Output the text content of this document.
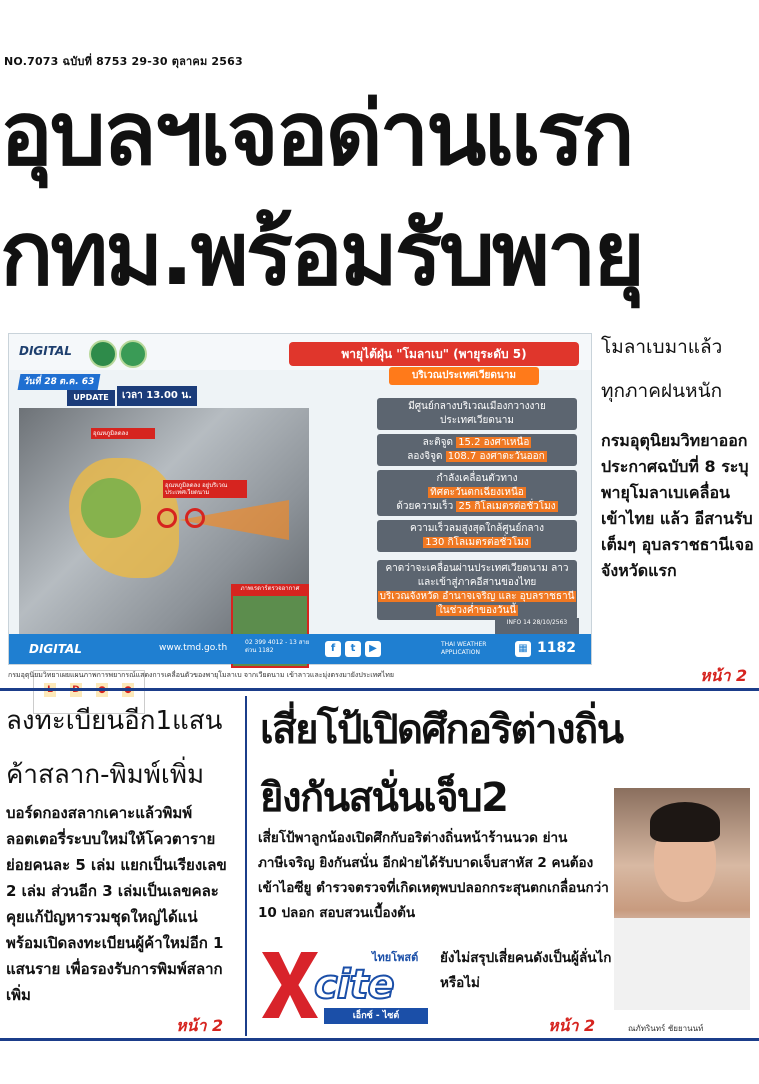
NO.7073 ฉบับที่ 8753 29-30 ตุลาคม 2563
อุบลฯเจอด่านแรก
กทม.พร้อมรับพายุ
DIGITAL	พายุไต้ฝุ่น "โมลาเบ" (พายุระดับ 5)
บริเวณประเทศเวียดนาม
วันที่ 28 ต.ค. 63
UPDATE	เวลา 13.00 น.
อุณหภูมิลดลง
อุณหภูมิลดลง อยู่บริเวณ ประเทศเวียดนาม
ภาพเรดาร์ตรวจอากาศ
มีศูนย์กลางบริเวณเมืองกวางงาย
ประเทศเวียดนาม
ละติจูด 15.2 องศาเหนือ
ลองจิจูด 108.7 องศาตะวันออก
กำลังเคลื่อนตัวทาง
ทิศตะวันตกเฉียงเหนือ
ด้วยความเร็ว 25 กิโลเมตรต่อชั่วโมง
ความเร็วลมสูงสุดใกล้ศูนย์กลาง
130 กิโลเมตรต่อชั่วโมง
คาดว่าจะเคลื่อนผ่านประเทศเวียดนาม ลาว
และเข้าสู่ภาคอีสานของไทย
บริเวณจังหวัด อำนาจเจริญ และ อุบลราชธานี
ในช่วงค่ำของวันนี้
INFO 14 28/10/2563
DIGITAL	www.tmd.go.th
02 399 4012 - 13 สายด่วน 1182	f	t	▶	THAI WEATHER APPLICATION	▦ 1182
กรมอุตุนิยมวิทยาเผยแผนภาพการพยากรณ์แสดงการเคลื่อนตัวของพายุโมลาเบ จากเวียดนาม เข้าลาวและมุ่งตรงมายังประเทศไทย
โมลาเบมาแล้ว
ทุกภาคฝนหนัก
กรมอุตุนิยมวิทยาออกประกาศฉบับที่ 8 ระบุพายุโมลาเบเคลื่อนเข้าไทย แล้ว อีสานรับเต็มๆ อุบลราชธานีเจอจังหวัดแรก
หน้า 2
ลงทะเบียนอีก1แสน
ค้าสลาก-พิมพ์เพิ่ม
บอร์ดกองสลากเคาะแล้วพิมพ์ลอตเตอรี่ระบบใหม่ให้โควตาราย ย่อยคนละ 5 เล่ม แยกเป็นเรียงเลข 2 เล่ม ส่วนอีก 3 เล่มเป็นเลขคละ คุยแก้ปัญหารวมชุดใหญ่ได้แน่ พร้อมเปิดลงทะเบียนผู้ค้าใหม่อีก 1 แสนราย เพื่อรองรับการพิมพ์สลากเพิ่ม
หน้า 2
เสี่ยโป้เปิดศึกอริต่างถิ่น
ยิงกันสนั่นเจ็บ2
เสี่ยโป้พาลูกน้องเปิดศึกกับอริต่างถิ่นหน้าร้านนวด ย่านภาษีเจริญ ยิงกันสนั่น อีกฝ่ายได้รับบาดเจ็บสาหัส 2 คนต้องเข้าไอซียู ตำรวจตรวจที่เกิดเหตุพบปลอกกระสุนตกเกลื่อนกว่า 10 ปลอก สอบสวนเบื้องต้น
ยังไม่สรุปเสี่ยคนดังเป็นผู้ลั่นไกหรือไม่
หน้า 2
ไทยโพสต์
cite
เอ็กซ์ - ไซต์
ณภัทรินทร์ ชัยยานนท์
